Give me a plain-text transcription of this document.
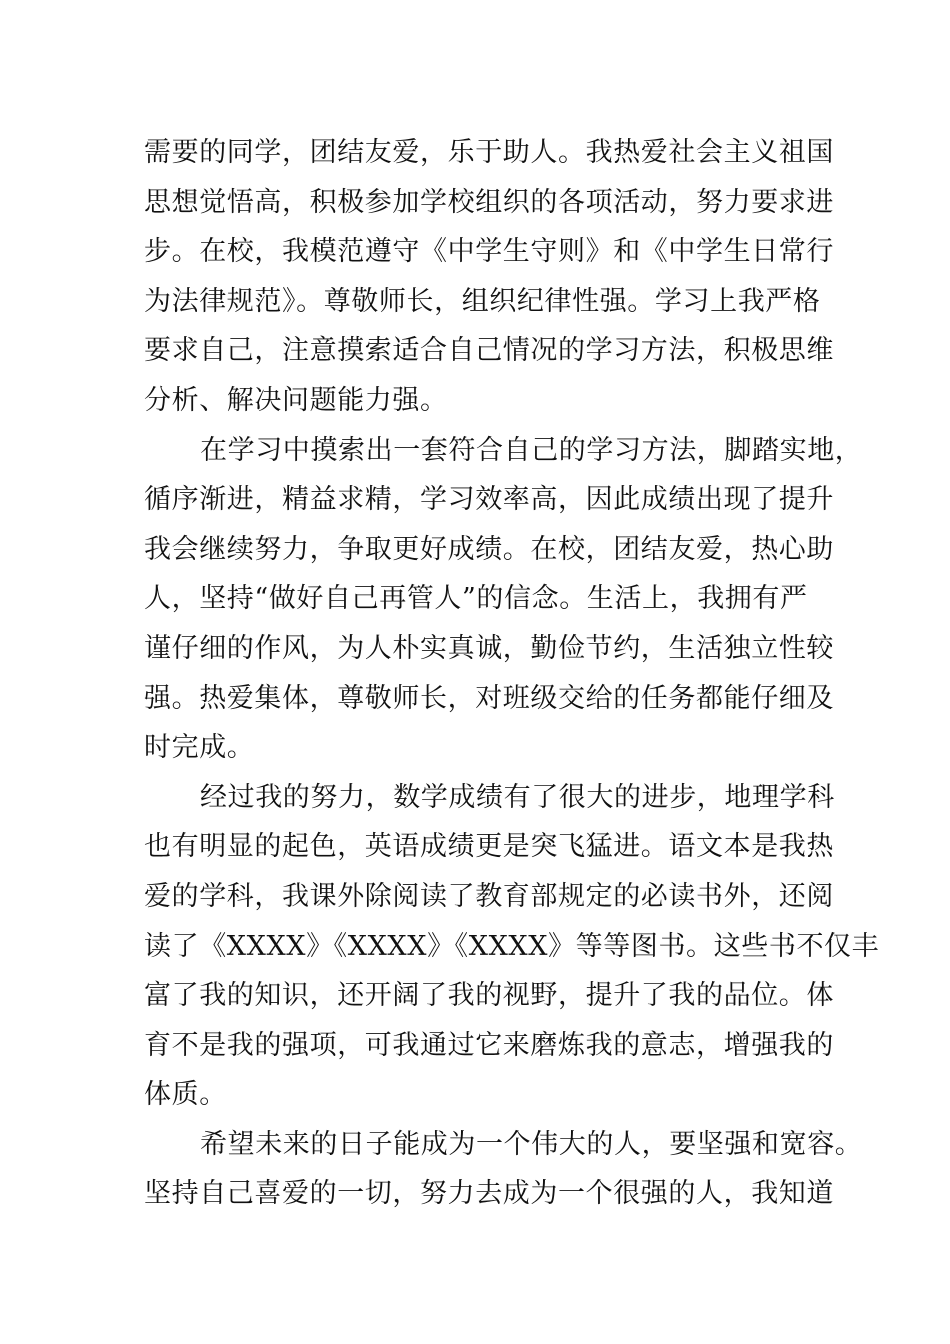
需要的同学，团结友爱，乐于助人。我热爱社会主义祖国
思想觉悟高，积极参加学校组织的各项活动，努力要求进
步。在校，我模范遵守《中学生守则》和《中学生日常行
为法律规范》。尊敬师长，组织纪律性强。学习上我严格
要求自己，注意摸索适合自己情况的学习方法，积极思维
分析、解决问题能力强。
在学习中摸索出一套符合自己的学习方法，脚踏实地，
循序渐进，精益求精，学习效率高，因此成绩出现了提升
我会继续努力，争取更好成绩。在校，团结友爱，热心助
人，坚持“做好自己再管人”的信念。生活上，我拥有严
谨仔细的作风，为人朴实真诚，勤俭节约，生活独立性较
强。热爱集体，尊敬师长，对班级交给的任务都能仔细及
时完成。
经过我的努力，数学成绩有了很大的进步，地理学科
也有明显的起色，英语成绩更是突飞猛进。语文本是我热
爱的学科，我课外除阅读了教育部规定的必读书外，还阅
读了《XXXX》《XXXX》《XXXX》等等图书。这些书不仅丰
富了我的知识，还开阔了我的视野，提升了我的品位。体
育不是我的强项，可我通过它来磨炼我的意志，增强我的
体质。
希望未来的日子能成为一个伟大的人，要坚强和宽容。
坚持自己喜爱的一切，努力去成为一个很强的人，我知道
